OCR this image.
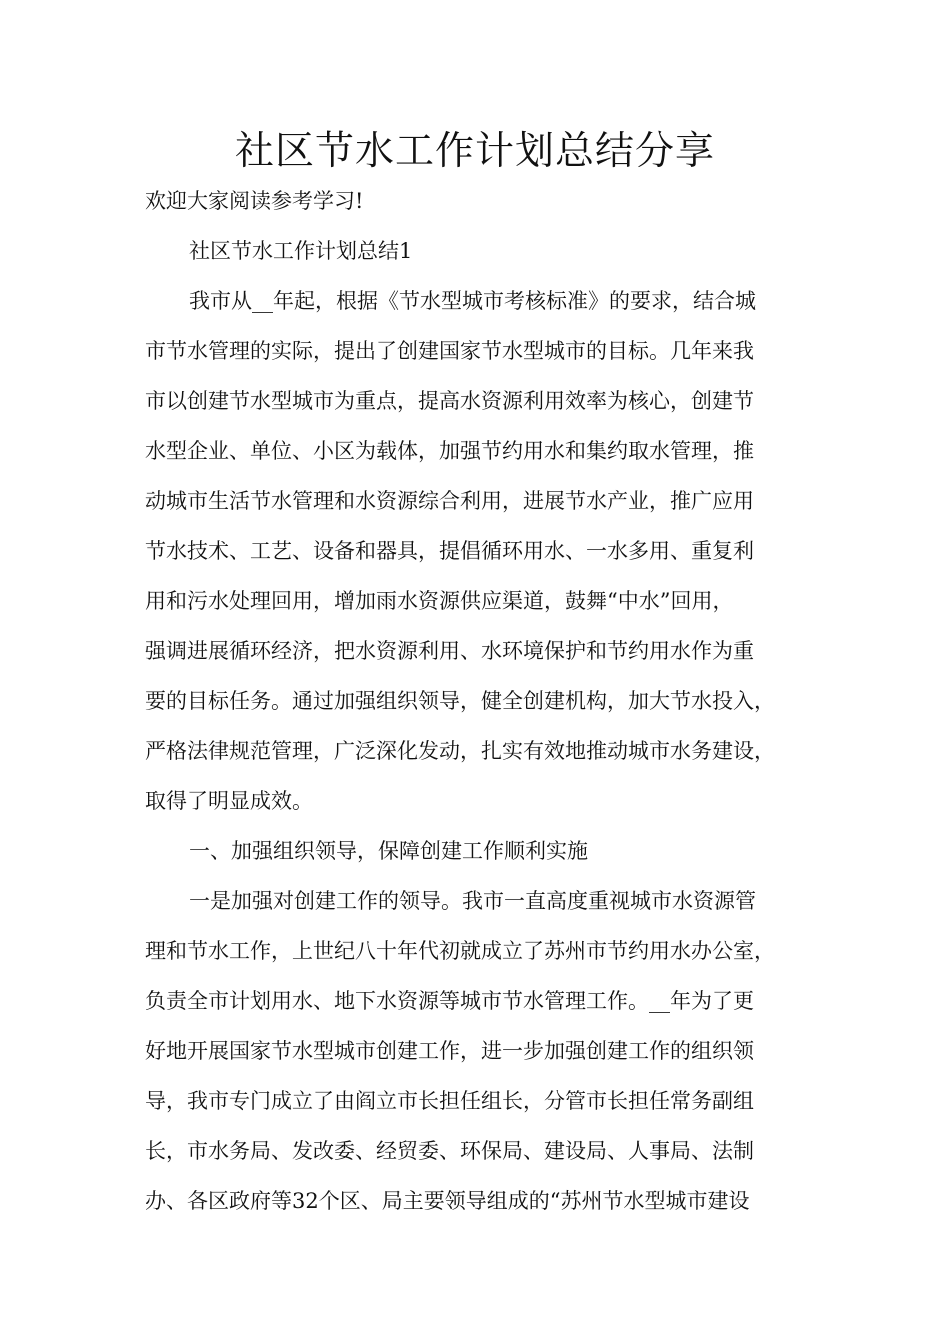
社区节水工作计划总结分享

欢迎大家阅读参考学习!

社区节水工作计划总结1

我市从__年起，根据《节水型城市考核标准》的要求，结合城

市节水管理的实际，提出了创建国家节水型城市的目标。几年来我

市以创建节水型城市为重点，提高水资源利用效率为核心，创建节

水型企业、单位、小区为载体，加强节约用水和集约取水管理，推

动城市生活节水管理和水资源综合利用，进展节水产业，推广应用

节水技术、工艺、设备和器具，提倡循环用水、一水多用、重复利

用和污水处理回用，增加雨水资源供应渠道，鼓舞“中水”回用，

强调进展循环经济，把水资源利用、水环境保护和节约用水作为重

要的目标任务。通过加强组织领导，健全创建机构，加大节水投入，

严格法律规范管理，广泛深化发动，扎实有效地推动城市水务建设，

取得了明显成效。

一、加强组织领导，保障创建工作顺利实施

一是加强对创建工作的领导。我市一直高度重视城市水资源管

理和节水工作，上世纪八十年代初就成立了苏州市节约用水办公室，

负责全市计划用水、地下水资源等城市节水管理工作。__年为了更

好地开展国家节水型城市创建工作，进一步加强创建工作的组织领

导，我市专门成立了由阎立市长担任组长，分管市长担任常务副组

长，市水务局、发改委、经贸委、环保局、建设局、人事局、法制

办、各区政府等32个区、局主要领导组成的“苏州节水型城市建设
